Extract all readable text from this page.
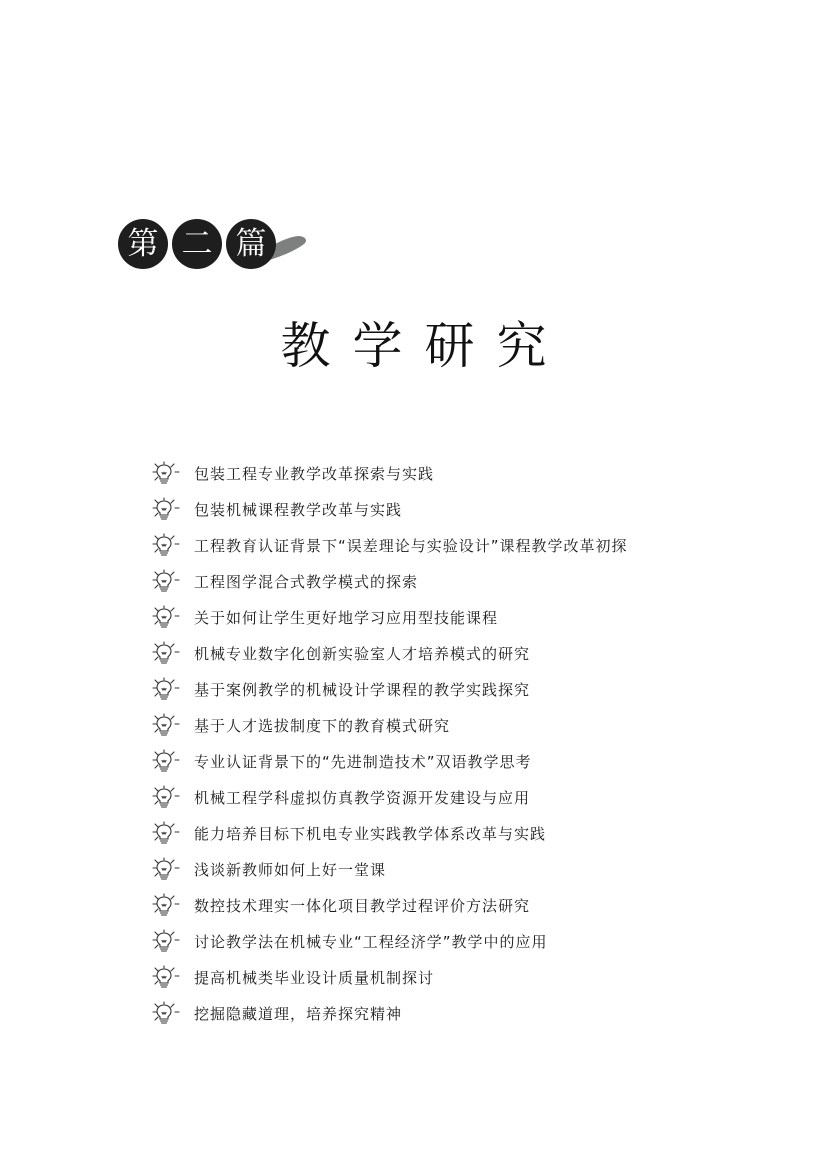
第 二 篇
教学研究
包装工程专业教学改革探索与实践
包装机械课程教学改革与实践
工程教育认证背景下“误差理论与实验设计”课程教学改革初探
工程图学混合式教学模式的探索
关于如何让学生更好地学习应用型技能课程
机械专业数字化创新实验室人才培养模式的研究
基于案例教学的机械设计学课程的教学实践探究
基于人才选拔制度下的教育模式研究
专业认证背景下的“先进制造技术”双语教学思考
机械工程学科虚拟仿真教学资源开发建设与应用
能力培养目标下机电专业实践教学体系改革与实践
浅谈新教师如何上好一堂课
数控技术理实一体化项目教学过程评价方法研究
讨论教学法在机械专业“工程经济学”教学中的应用
提高机械类毕业设计质量机制探讨
挖掘隐藏道理，培养探究精神
